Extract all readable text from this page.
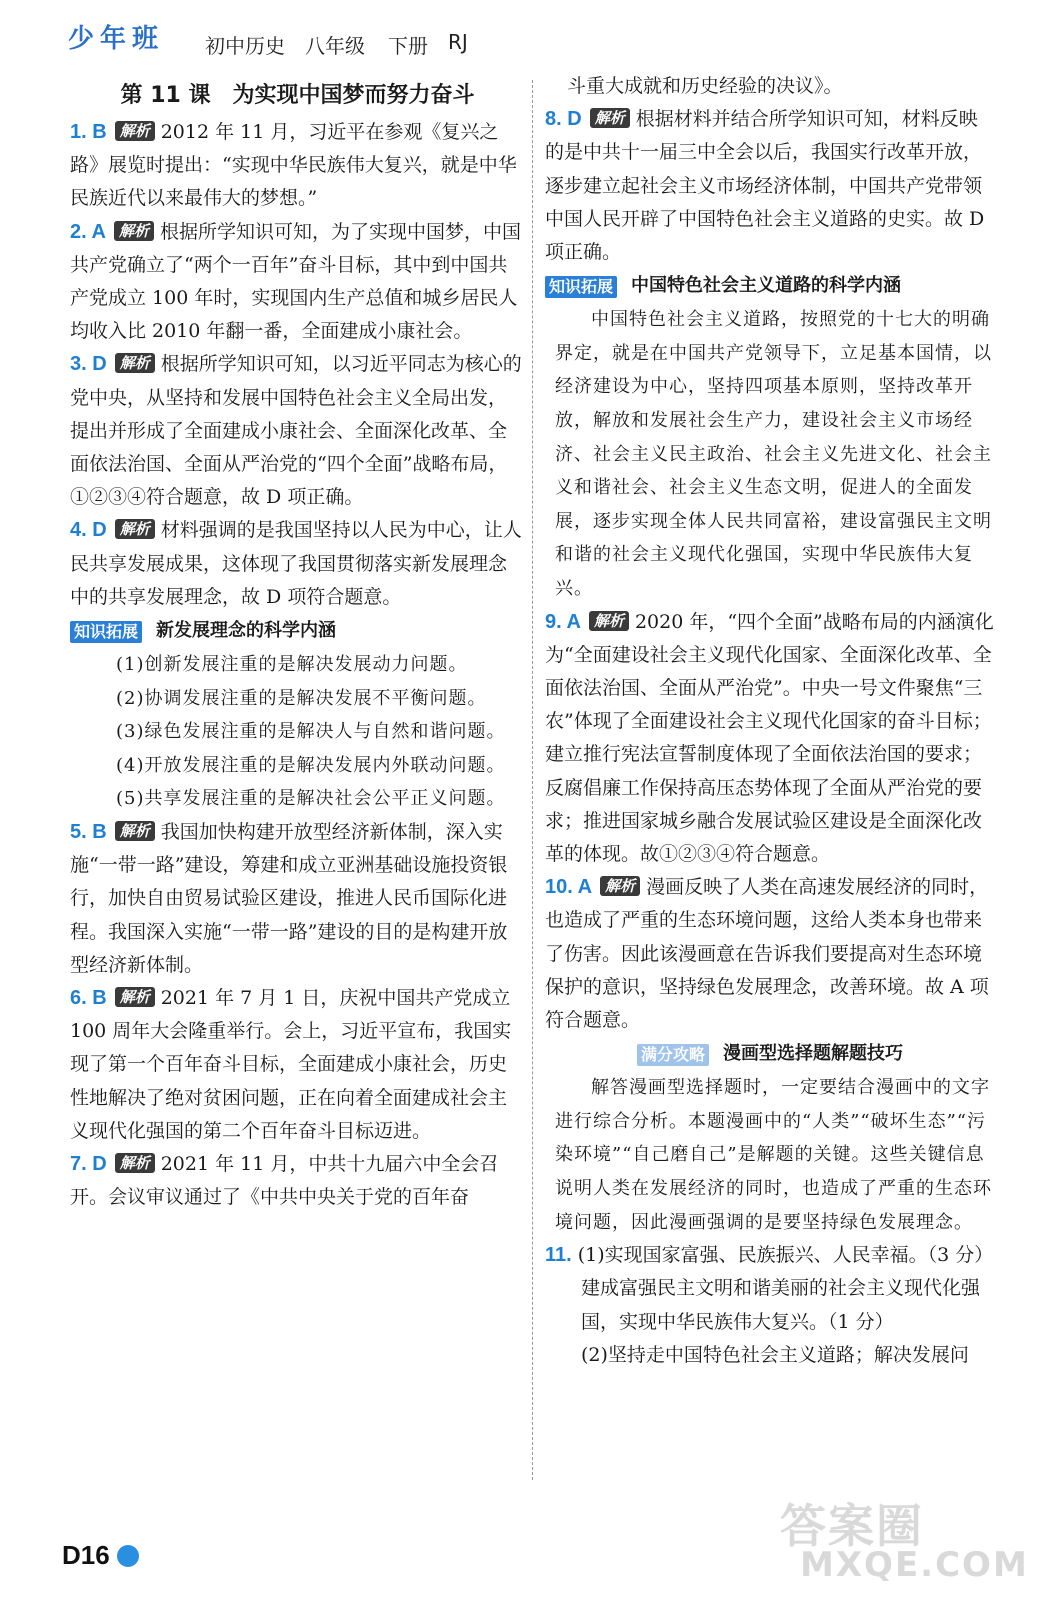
少年班 初中历史 八年级 下册 RJ
第 11 课　为实现中国梦而努力奋斗

1. B 解析 2012 年 11 月，习近平在参观《复兴之路》展览时提出：“实现中华民族伟大复兴，就是中华民族近代以来最伟大的梦想。”

2. A 解析 根据所学知识可知，为了实现中国梦，中国共产党确立了“两个一百年”奋斗目标，其中到中国共产党成立 100 年时，实现国内生产总值和城乡居民人均收入比 2010 年翻一番，全面建成小康社会。

3. D 解析 根据所学知识可知，以习近平同志为核心的党中央，从坚持和发展中国特色社会主义全局出发，提出并形成了全面建成小康社会、全面深化改革、全面依法治国、全面从严治党的“四个全面”战略布局，①②③④符合题意，故 D 项正确。

4. D 解析 材料强调的是我国坚持以人民为中心，让人民共享发展成果，这体现了我国贯彻落实新发展理念中的共享发展理念，故 D 项符合题意。

知识拓展 新发展理念的科学内涵

(1)创新发展注重的是解决发展动力问题。

(2)协调发展注重的是解决发展不平衡问题。

(3)绿色发展注重的是解决人与自然和谐问题。

(4)开放发展注重的是解决发展内外联动问题。

(5)共享发展注重的是解决社会公平正义问题。

5. B 解析 我国加快构建开放型经济新体制，深入实施“一带一路”建设，筹建和成立亚洲基础设施投资银行，加快自由贸易试验区建设，推进人民币国际化进程。我国深入实施“一带一路”建设的目的是构建开放型经济新体制。

6. B 解析 2021 年 7 月 1 日，庆祝中国共产党成立 100 周年大会隆重举行。会上，习近平宣布，我国实现了第一个百年奋斗目标，全面建成小康社会，历史性地解决了绝对贫困问题，正在向着全面建成社会主义现代化强国的第二个百年奋斗目标迈进。

7. D 解析 2021 年 11 月，中共十九届六中全会召开。会议审议通过了《中共中央关于党的百年奋

斗重大成就和历史经验的决议》。

8. D 解析 根据材料并结合所学知识可知，材料反映的是中共十一届三中全会以后，我国实行改革开放，逐步建立起社会主义市场经济体制，中国共产党带领中国人民开辟了中国特色社会主义道路的史实。故 D 项正确。

知识拓展 中国特色社会主义道路的科学内涵

中国特色社会主义道路，按照党的十七大的明确界定，就是在中国共产党领导下，立足基本国情，以经济建设为中心，坚持四项基本原则，坚持改革开放，解放和发展社会生产力，建设社会主义市场经济、社会主义民主政治、社会主义先进文化、社会主义和谐社会、社会主义生态文明，促进人的全面发展，逐步实现全体人民共同富裕，建设富强民主文明和谐的社会主义现代化强国，实现中华民族伟大复兴。

9. A 解析 2020 年，“四个全面”战略布局的内涵演化为“全面建设社会主义现代化国家、全面深化改革、全面依法治国、全面从严治党”。中央一号文件聚焦“三农”体现了全面建设社会主义现代化国家的奋斗目标；建立推行宪法宣誓制度体现了全面依法治国的要求；反腐倡廉工作保持高压态势体现了全面从严治党的要求；推进国家城乡融合发展试验区建设是全面深化改革的体现。故①②③④符合题意。

10. A 解析 漫画反映了人类在高速发展经济的同时，也造成了严重的生态环境问题，这给人类本身也带来了伤害。因此该漫画意在告诉我们要提高对生态环境保护的意识，坚持绿色发展理念，改善环境。故 A 项符合题意。

满分攻略 漫画型选择题解题技巧

解答漫画型选择题时，一定要结合漫画中的文字进行综合分析。本题漫画中的“人类”“破坏生态”“污染环境”“自己磨自己”是解题的关键。这些关键信息说明人类在发展经济的同时，也造成了严重的生态环境问题，因此漫画强调的是要坚持绿色发展理念。

11. (1)实现国家富强、民族振兴、人民幸福。（3 分）

建成富强民主文明和谐美丽的社会主义现代化强国，实现中华民族伟大复兴。（1 分）

(2)坚持走中国特色社会主义道路；解决发展问

D16
答案圈
MXQE.COM
